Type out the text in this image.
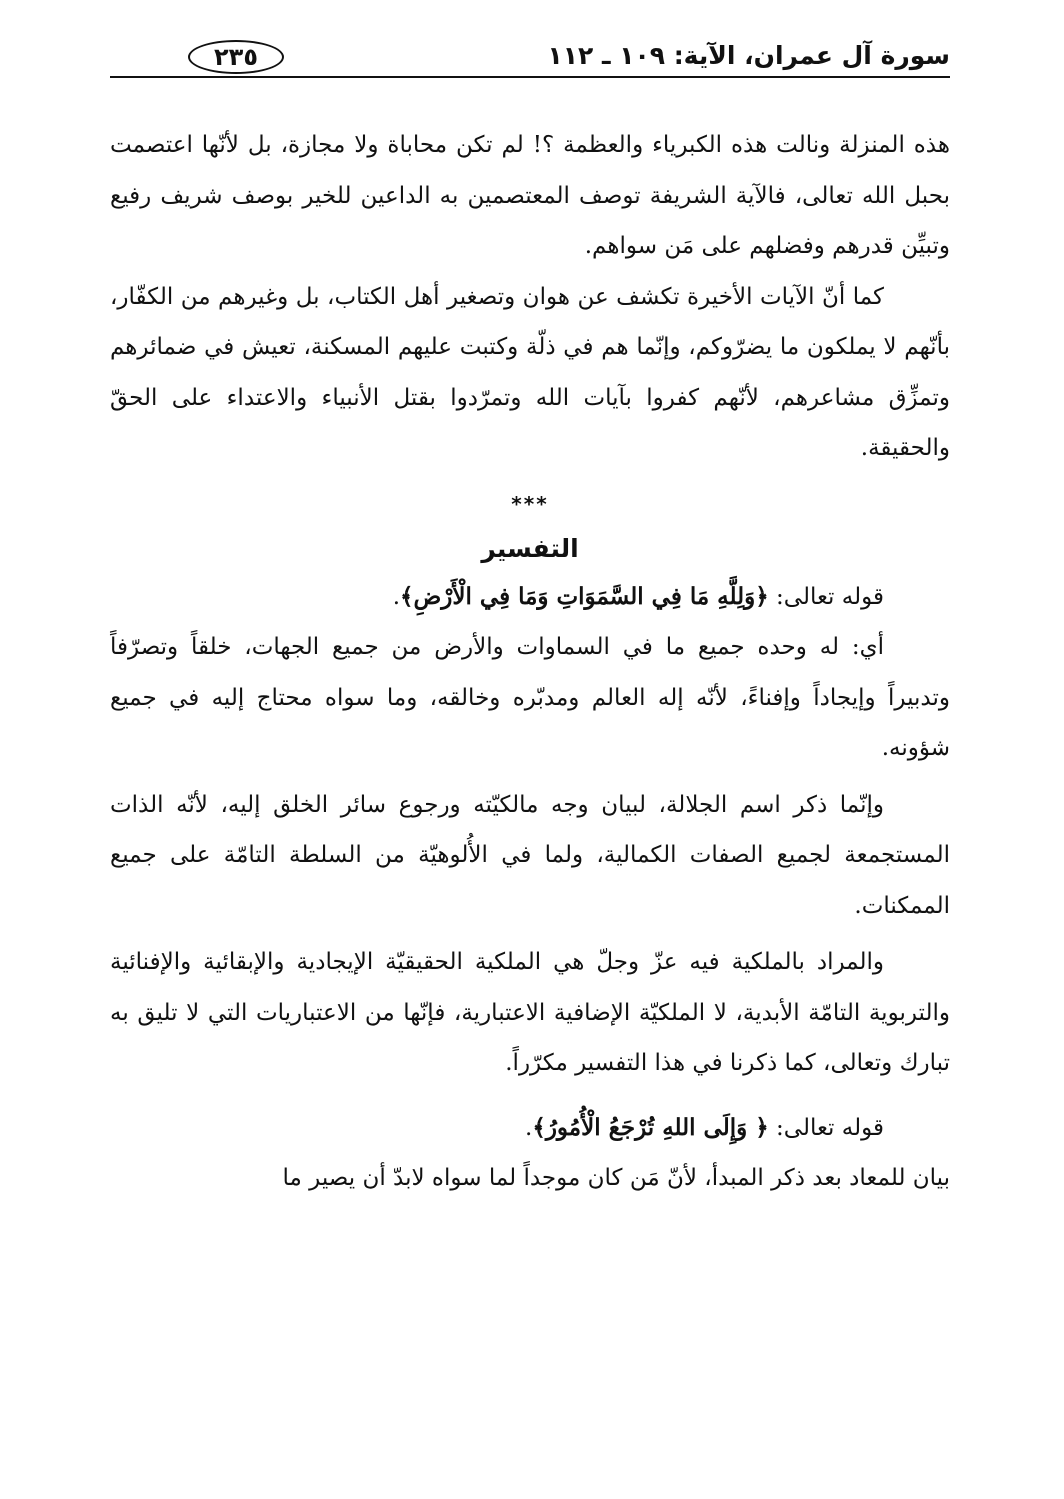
سورة آل عمران، الآية: ١٠٩ ـ ١١٢
٢٣٥

هذه المنزلة ونالت هذه الكبرياء والعظمة ؟! لم تكن محاباة ولا مجازة، بل لأنّها اعتصمت بحبل الله تعالى، فالآية الشريفة توصف المعتصمين به الداعين للخير بوصف شريف رفيع وتبيِّن قدرهم وفضلهم على مَن سواهم.

كما أنّ الآيات الأخيرة تكشف عن هوان وتصغير أهل الكتاب، بل وغيرهم من الكفّار، بأنّهم لا يملكون ما يضرّوكم، وإنّما هم في ذلّة وكتبت عليهم المسكنة، تعيش في ضمائرهم وتمزِّق مشاعرهم، لأنّهم كفروا بآيات الله وتمرّدوا بقتل الأنبياء والاعتداء على الحقّ والحقيقة.

***

التفسير

قوله تعالى: ﴿وَلِلَّهِ مَا فِي السَّمَوَاتِ وَمَا فِي الْأَرْضِ﴾.

أي: له وحده جميع ما في السماوات والأرض من جميع الجهات، خلقاً وتصرّفاً وتدبيراً وإيجاداً وإفناءً، لأنّه إله العالم ومدبّره وخالقه، وما سواه محتاج إليه في جميع شؤونه.

وإنّما ذكر اسم الجلالة، لبيان وجه مالكيّته ورجوع سائر الخلق إليه، لأنّه الذات المستجمعة لجميع الصفات الكمالية، ولما في الأُلوهيّة من السلطة التامّة على جميع الممكنات.

والمراد بالملكية فيه عزّ وجلّ هي الملكية الحقيقيّة الإيجادية والإبقائية والإفنائية والتربوية التامّة الأبدية، لا الملكيّة الإضافية الاعتبارية، فإنّها من الاعتباريات التي لا تليق به تبارك وتعالى، كما ذكرنا في هذا التفسير مكرّراً.

قوله تعالى: ﴿ وَإِلَى اللهِ تُرْجَعُ الْأُمُورُ﴾.

بيان للمعاد بعد ذكر المبدأ، لأنّ مَن كان موجداً لما سواه لابدّ أن يصير ما
